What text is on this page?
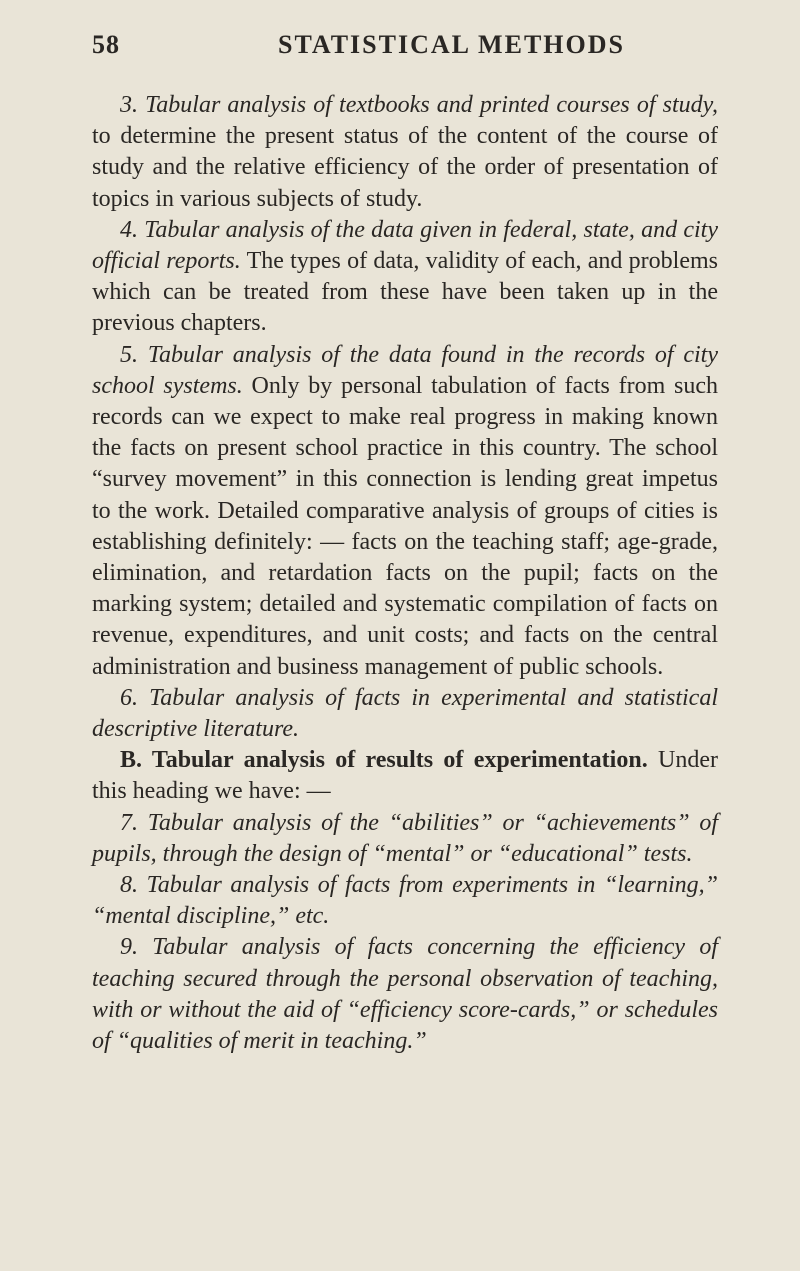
58	STATISTICAL METHODS

3. Tabular analysis of textbooks and printed courses of study, to determine the present status of the content of the course of study and the relative efficiency of the order of presentation of topics in various subjects of study.

4. Tabular analysis of the data given in federal, state, and city official reports. The types of data, validity of each, and problems which can be treated from these have been taken up in the previous chapters.

5. Tabular analysis of the data found in the records of city school systems. Only by personal tabulation of facts from such records can we expect to make real progress in making known the facts on present school practice in this country. The school “survey movement” in this connection is lending great impetus to the work. Detailed comparative analysis of groups of cities is establishing definitely: — facts on the teaching staff; age-grade, elimination, and retardation facts on the pupil; facts on the marking system; detailed and systematic compilation of facts on revenue, expenditures, and unit costs; and facts on the central administration and business management of public schools.

6. Tabular analysis of facts in experimental and statistical descriptive literature.

B. Tabular analysis of results of experimentation. Under this heading we have: —

7. Tabular analysis of the “abilities” or “achievements” of pupils, through the design of “mental” or “educational” tests.

8. Tabular analysis of facts from experiments in “learning,” “mental discipline,” etc.

9. Tabular analysis of facts concerning the efficiency of teaching secured through the personal observation of teaching, with or without the aid of “efficiency score-cards,” or schedules of “qualities of merit in teaching.”
